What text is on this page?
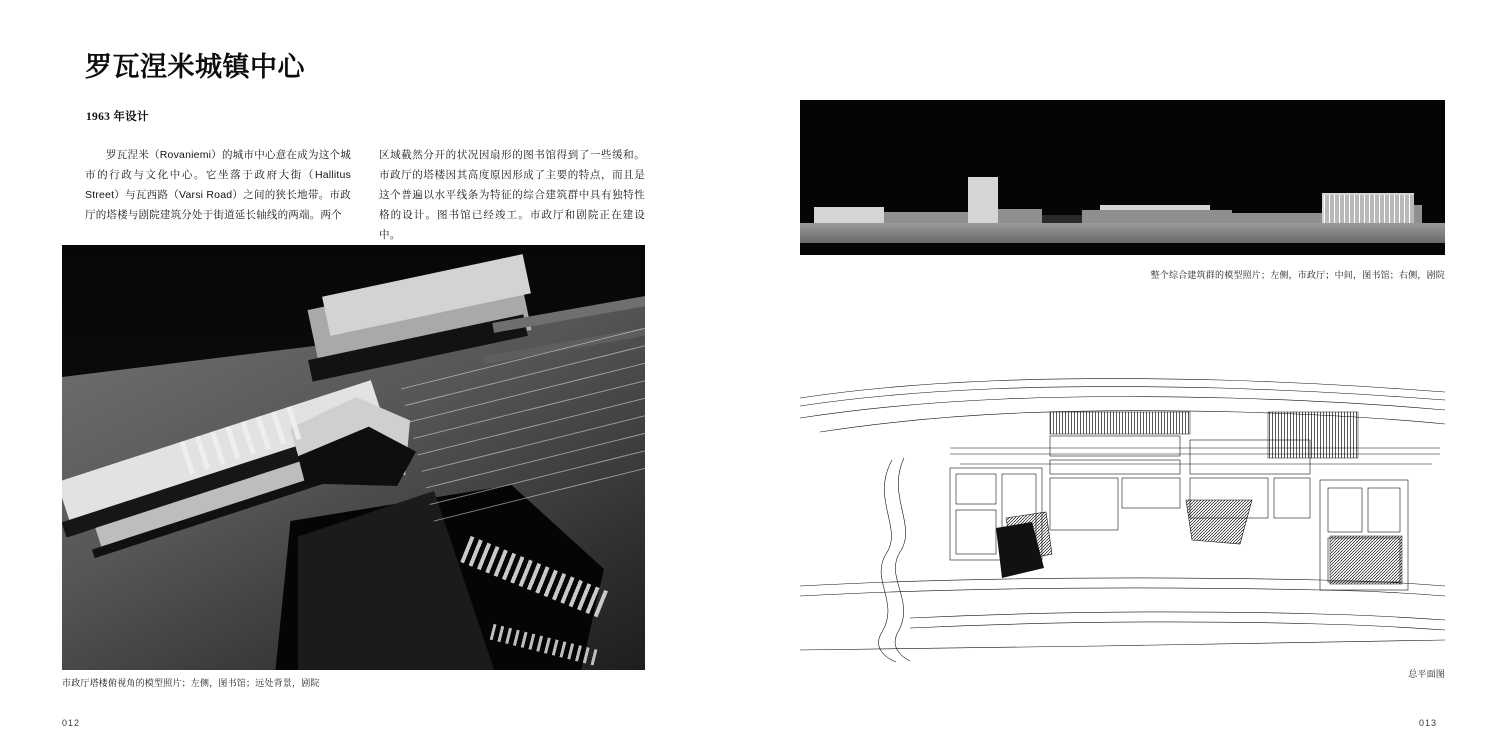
罗瓦涅米城镇中心
1963 年设计

罗瓦涅米（Rovaniemi）的城市中心意在成为这个城市的行政与文化中心。它坐落于政府大街（Hallitus Street）与瓦西路（Varsi Road）之间的狭长地带。市政厅的塔楼与剧院建筑分处于街道延长轴线的两端。两个

区域截然分开的状况因扇形的图书馆得到了一些缓和。市政厅的塔楼因其高度原因形成了主要的特点，而且是这个普遍以水平线条为特征的综合建筑群中具有独特性格的设计。图书馆已经竣工。市政厅和剧院正在建设中。

市政厅塔楼俯视角的模型照片；左侧，图书馆；远处背景，剧院
012
整个综合建筑群的模型照片；左侧，市政厅；中间，图书馆；右侧，剧院
总平面图
013
